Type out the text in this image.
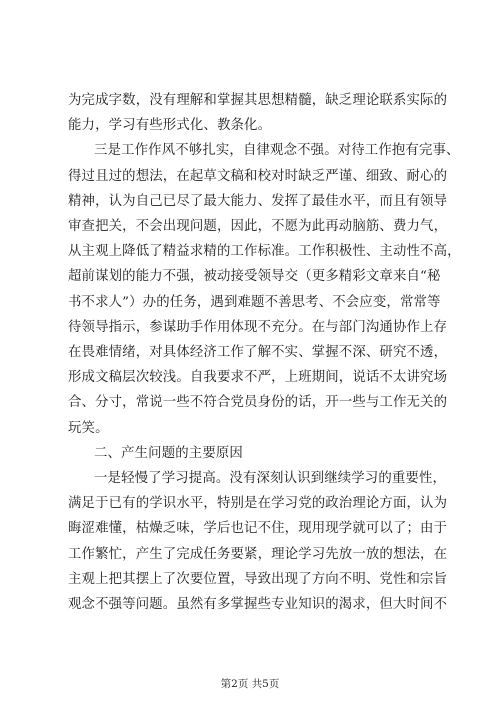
为完成字数，没有理解和掌握其思想精髓，缺乏理论联系实际的
能力，学习有些形式化、教条化。
三是工作作风不够扎实，自律观念不强。对待工作抱有完事、
得过且过的想法，在起草文稿和校对时缺乏严谨、细致、耐心的
精神，认为自己已尽了最大能力、发挥了最佳水平，而且有领导
审查把关，不会出现问题，因此，不愿为此再动脑筋、费力气，
从主观上降低了精益求精的工作标准。工作积极性、主动性不高，
超前谋划的能力不强，被动接受领导交（更多精彩文章来自“秘
书不求人”）办的任务，遇到难题不善思考、不会应变，常常等
待领导指示，参谋助手作用体现不充分。在与部门沟通协作上存
在畏难情绪，对具体经济工作了解不实、掌握不深、研究不透，
形成文稿层次较浅。自我要求不严，上班期间，说话不太讲究场
合、分寸，常说一些不符合党员身份的话，开一些与工作无关的
玩笑。
二、产生问题的主要原因
一是轻慢了学习提高。没有深刻认识到继续学习的重要性，
满足于已有的学识水平，特别是在学习党的政治理论方面，认为
晦涩难懂，枯燥乏味，学后也记不住，现用现学就可以了；由于
工作繁忙，产生了完成任务要紧，理论学习先放一放的想法，在
主观上把其摆上了次要位置，导致出现了方向不明、党性和宗旨
观念不强等问题。虽然有多掌握些专业知识的渴求，但大时间不
第2页 共5页
